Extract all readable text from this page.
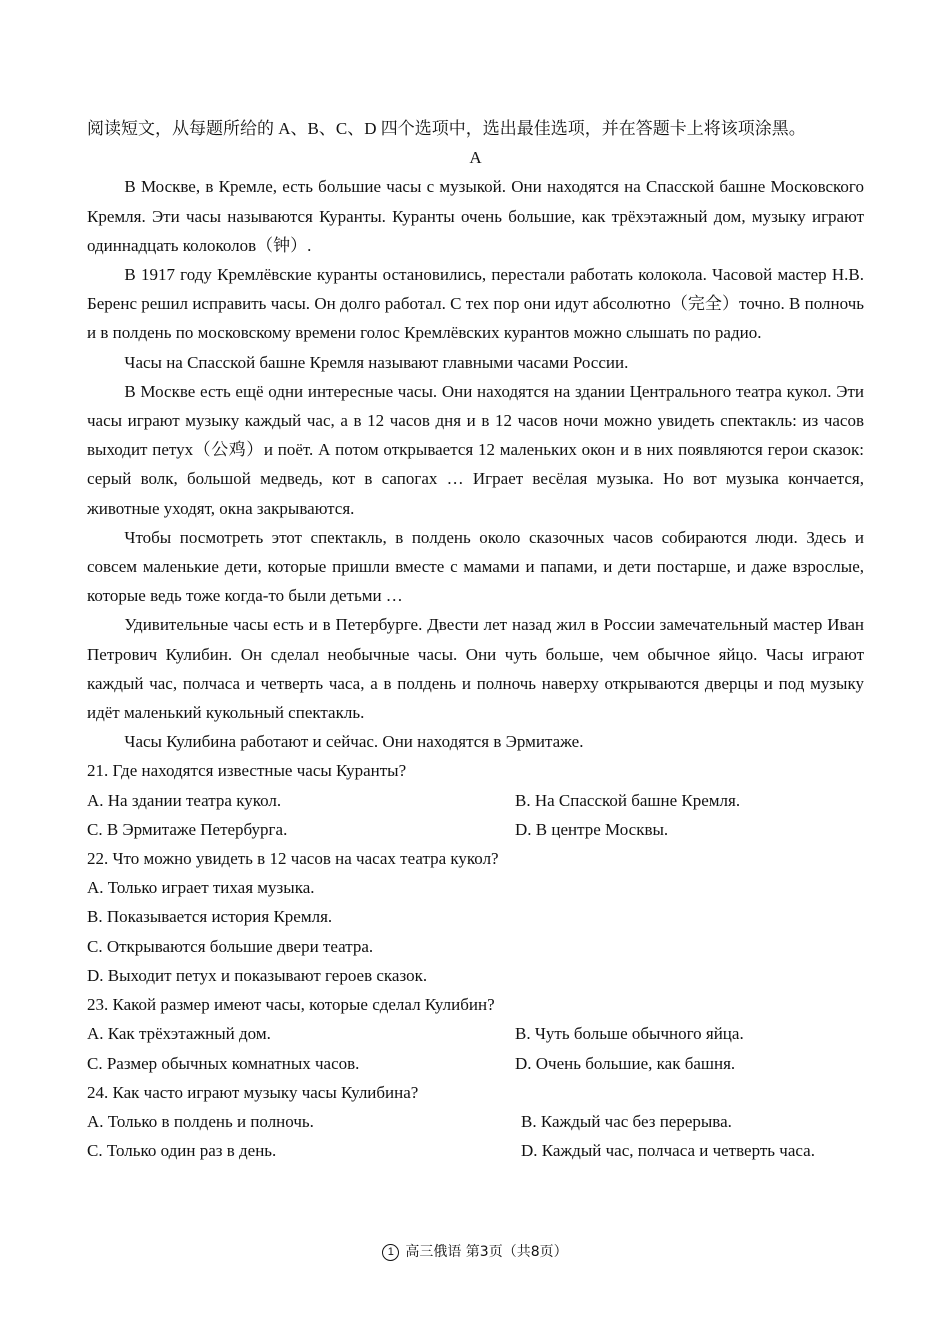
阅读短文，从每题所给的 A、B、C、D 四个选项中，选出最佳选项，并在答题卡上将该项涂黑。

A

В Москве, в Кремле, есть большие часы с музыкой. Они находятся на Спасской башне Московского Кремля. Эти часы называются Куранты. Куранты очень большие, как трёхэтажный дом, музыку играют одиннадцать колоколов（钟）.

В 1917 году Кремлёвские куранты остановились, перестали работать колокола. Часовой мастер Н.В. Беренс решил исправить часы. Он долго работал. С тех пор они идут абсолютно（完全）точно. В полночь и в полдень по московскому времени голос Кремлёвских курантов можно слышать по радио.

Часы на Спасской башне Кремля называют главными часами России.

В Москве есть ещё одни интересные часы. Они находятся на здании Центрального театра кукол. Эти часы играют музыку каждый час, а в 12 часов дня и в 12 часов ночи можно увидеть спектакль: из часов выходит петух（公鸡）и поёт. А потом открывается 12 маленьких окон и в них появляются герои сказок: серый волк, большой медведь, кот в сапогах … Играет весёлая музыка. Но вот музыка кончается, животные уходят, окна закрываются.

Чтобы посмотреть этот спектакль, в полдень около сказочных часов собираются люди. Здесь и совсем маленькие дети, которые пришли вместе с мамами и папами, и дети постарше, и даже взрослые, которые ведь тоже когда-то были детьми …

Удивительные часы есть и в Петербурге. Двести лет назад жил в России замечательный мастер Иван Петрович Кулибин. Он сделал необычные часы. Они чуть больше, чем обычное яйцо. Часы играют каждый час, полчаса и четверть часа, а в полдень и полночь наверху открываются дверцы и под музыку идёт маленький кукольный спектакль.

Часы Кулибина работают и сейчас. Они находятся в Эрмитаже.

21. Где находятся известные часы Куранты?

A. На здании театра кукол.	B. На Спасской башне Кремля.

C. В Эрмитаже Петербурга.	D. В центре Москвы.

22. Что можно увидеть в 12 часов на часах театра кукол?

A. Только играет тихая музыка.

B. Показывается история Кремля.

C. Открываются большие двери театра.

D. Выходит петух и показывают героев сказок.

23. Какой размер имеют часы, которые сделал Кулибин?

A. Как трёхэтажный дом.	B. Чуть больше обычного яйца.

C. Размер обычных комнатных часов.	D. Очень большие, как башня.

24. Как часто играют музыку часы Кулибина?

A. Только в полдень и полночь.	B. Каждый час без перерыва.

C. Только один раз в день.	D. Каждый час, полчаса и четверть часа.

1 高三俄语 第3页（共8页）
